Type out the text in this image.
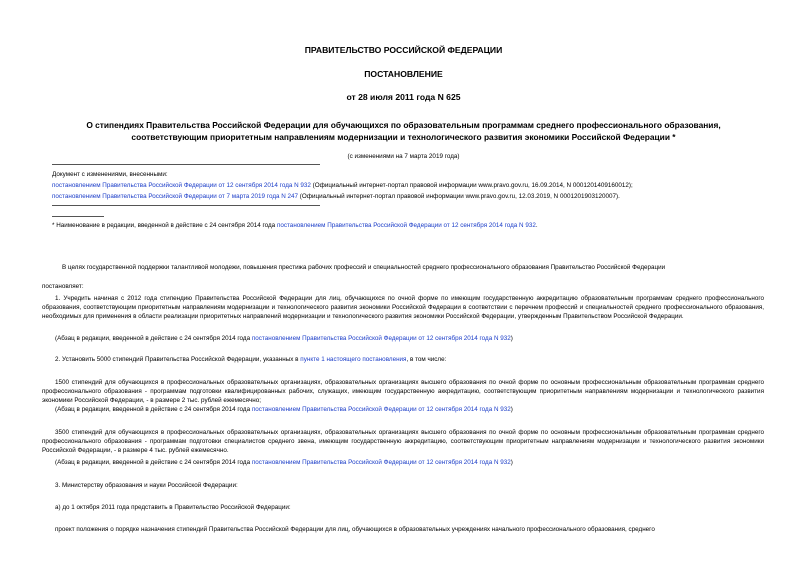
ПРАВИТЕЛЬСТВО РОССИЙСКОЙ ФЕДЕРАЦИИ
ПОСТАНОВЛЕНИЕ
от 28 июля 2011 года N 625
О стипендиях Правительства Российской Федерации для обучающихся по образовательным программам среднего профессионального образования,
соответствующим приоритетным направлениям модернизации и технологического развития экономики Российской Федерации *
(с изменениями на 7 марта 2019 года)
Документ с изменениями, внесенными:
постановлением Правительства Российской Федерации от 12 сентября 2014 года N 932 (Официальный интернет-портал правовой информации www.pravo.gov.ru, 16.09.2014, N 0001201409160012);
постановлением Правительства Российской Федерации от 7 марта 2019 года N 247 (Официальный интернет-портал правовой информации www.pravo.gov.ru, 12.03.2019, N 0001201903120007).
* Наименование в редакции, введенной в действие с 24 сентября 2014 года постановлением Правительства Российской Федерации от 12 сентября 2014 года N 932.
В целях государственной поддержки талантливой молодежи, повышения престижа рабочих профессий и специальностей среднего профессионального образования Правительство Российской Федерации
постановляет:
1. Учредить начиная с 2012 года стипендию Правительства Российской Федерации для лиц, обучающихся по очной форме по имеющим государственную аккредитацию образовательным программам среднего профессионального образования, соответствующим приоритетным направлениям модернизации и технологического развития экономики Российской Федерации в соответствии с перечнем профессий и специальностей среднего профессионального образования, необходимых для применения в области реализации приоритетных направлений модернизации и технологического развития экономики Российской Федерации, утвержденным Правительством Российской Федерации.
(Абзац в редакции, введенной в действие с 24 сентября 2014 года постановлением Правительства Российской Федерации от 12 сентября 2014 года N 932)
2. Установить 5000 стипендий Правительства Российской Федерации, указанных в пункте 1 настоящего постановления, в том числе:
1500 стипендий для обучающихся в профессиональных образовательных организациях, образовательных организациях высшего образования по очной форме по основным профессиональным образовательным программам среднего профессионального образования - программам подготовки квалифицированных рабочих, служащих, имеющим государственную аккредитацию, соответствующим приоритетным направлениям модернизации и технологического развития экономики Российской Федерации, - в размере 2 тыс. рублей ежемесячно;
(Абзац в редакции, введенной в действие с 24 сентября 2014 года постановлением Правительства Российской Федерации от 12 сентября 2014 года N 932)
3500 стипендий для обучающихся в профессиональных образовательных организациях, образовательных организациях высшего образования по очной форме по основным профессиональным образовательным программам среднего профессионального образования - программам подготовки специалистов среднего звена, имеющим государственную аккредитацию, соответствующим приоритетным направлениям модернизации и технологического развития экономики Российской Федерации, - в размере 4 тыс. рублей ежемесячно.
(Абзац в редакции, введенной в действие с 24 сентября 2014 года постановлением Правительства Российской Федерации от 12 сентября 2014 года N 932)
3. Министерству образования и науки Российской Федерации:
а) до 1 октября 2011 года представить в Правительство Российской Федерации:
проект положения о порядке назначения стипендий Правительства Российской Федерации для лиц, обучающихся в образовательных учреждениях начального профессионального образования, среднего
